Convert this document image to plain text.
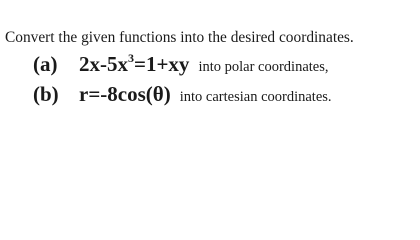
Convert the given functions into the desired coordinates.
(a) $2x-5x^3=1+xy$ into polar coordinates,
(b) r=-8cos(θ) into cartesian coordinates.
